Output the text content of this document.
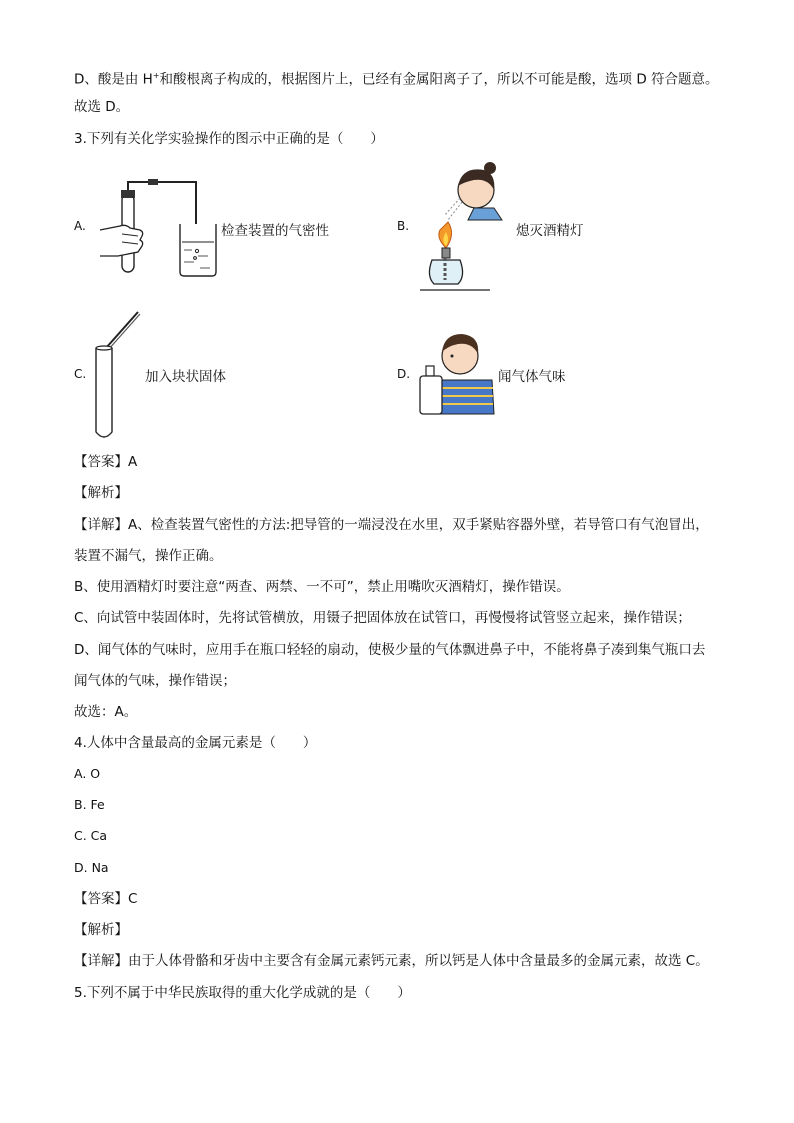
D、酸是由 H+和酸根离子构成的，根据图片上，已经有金属阳离子了，所以不可能是酸，选项 D 符合题意。
故选 D。
3.下列有关化学实验操作的图示中正确的是（　　）
A.	检查装置的气密性	B.	熄灭酒精灯
C.	加入块状固体	D.	闻气体气味
【答案】A
【解析】
【详解】A、检查装置气密性的方法:把导管的一端浸没在水里，双手紧贴容器外壁，若导管口有气泡冒出，
装置不漏气，操作正确。
B、使用酒精灯时要注意“两查、两禁、一不可”，禁止用嘴吹灭酒精灯，操作错误。
C、向试管中装固体时，先将试管横放，用镊子把固体放在试管口，再慢慢将试管竖立起来，操作错误；
D、闻气体的气味时，应用手在瓶口轻轻的扇动，使极少量的气体飘进鼻子中，不能将鼻子凑到集气瓶口去
闻气体的气味，操作错误；
故选：A。
4.人体中含量最高的金属元素是（　　）
A. O
B. Fe
C. Ca
D. Na
【答案】C
【解析】
【详解】由于人体骨骼和牙齿中主要含有金属元素钙元素，所以钙是人体中含量最多的金属元素，故选 C。
5.下列不属于中华民族取得的重大化学成就的是（　　）
